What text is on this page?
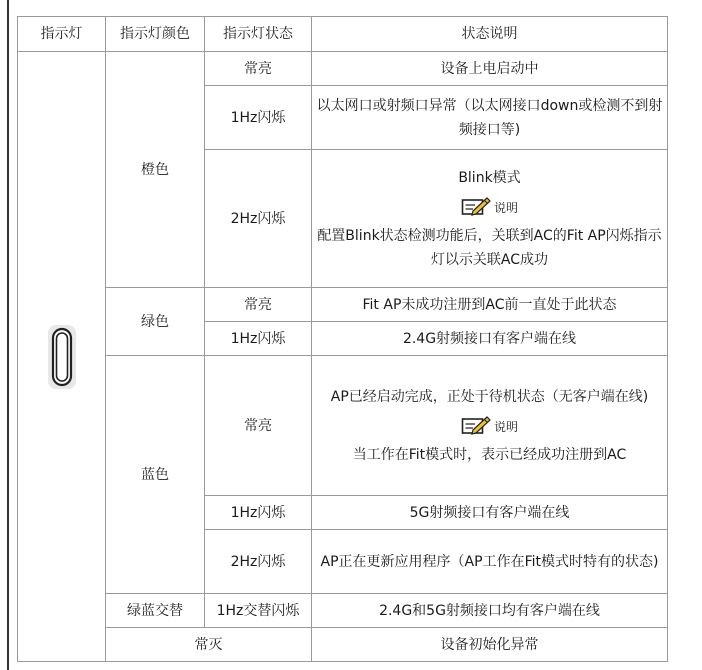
指示灯	指示灯颜色	指示灯状态	状态说明

	橙色	常亮	设备上电启动中
		1Hz闪烁	以太网口或射频口异常（以太网接口down或检测不到射频接口等)
		2Hz闪烁	Blink模式
说明
配置Blink状态检测功能后，关联到AC的Fit AP闪烁指示灯以示关联AC成功

	绿色	常亮	Fit AP未成功注册到AC前一直处于此状态
		1Hz闪烁	2.4G射频接口有客户端在线
	蓝色	常亮	AP已经启动完成，正处于待机状态（无客户端在线)
说明
当工作在Fit模式时，表示已经成功注册到AC

		1Hz闪烁	5G射频接口有客户端在线
		2Hz闪烁	AP正在更新应用程序（AP工作在Fit模式时特有的状态)
	绿蓝交替	1Hz交替闪烁	2.4G和5G射频接口均有客户端在线
	常灭		设备初始化异常
